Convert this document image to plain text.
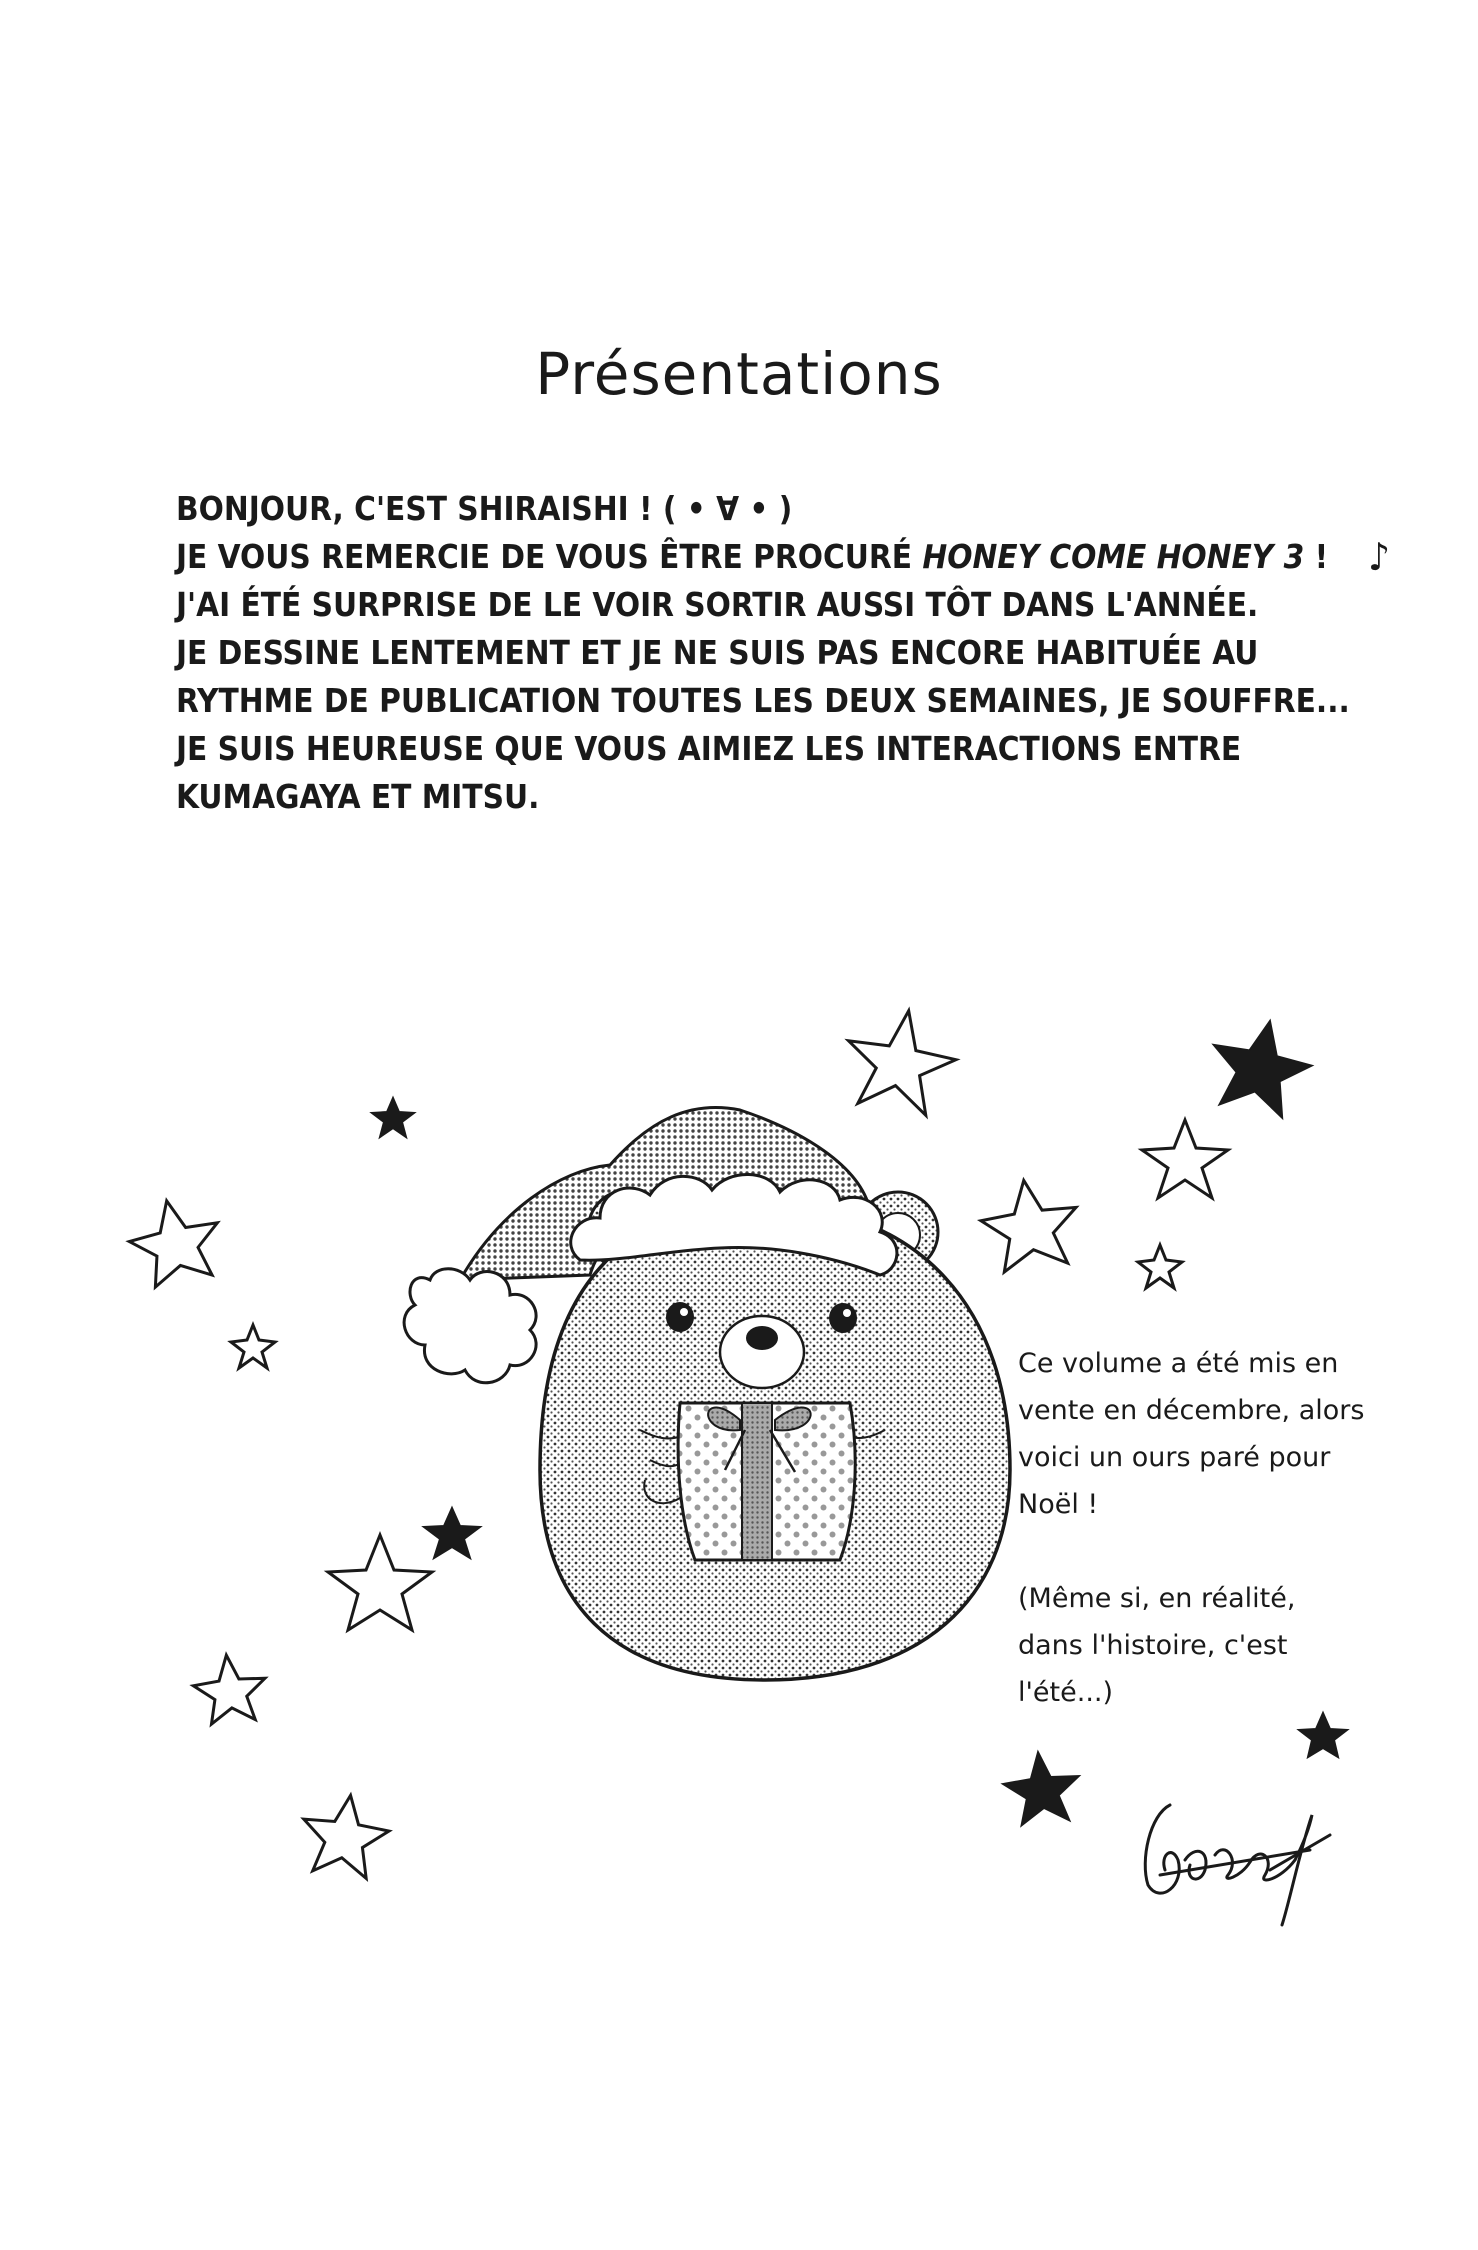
Présentations
BONJOUR, C'EST SHIRAISHI ! ( • ∀ • )
JE VOUS REMERCIE DE VOUS ÊTRE PROCURÉ HONEY COME HONEY 3 ! ♪
J'AI ÉTÉ SURPRISE DE LE VOIR SORTIR AUSSI TÔT DANS L'ANNÉE.
JE DESSINE LENTEMENT ET JE NE SUIS PAS ENCORE HABITUÉE AU
RYTHME DE PUBLICATION TOUTES LES DEUX SEMAINES, JE SOUFFRE...
JE SUIS HEUREUSE QUE VOUS AIMIEZ LES INTERACTIONS ENTRE
KUMAGAYA ET MITSU.
Ce volume a été mis en
vente en décembre, alors
voici un ours paré pour
Noël !
(Même si, en réalité,
dans l'histoire, c'est
l'été...)
